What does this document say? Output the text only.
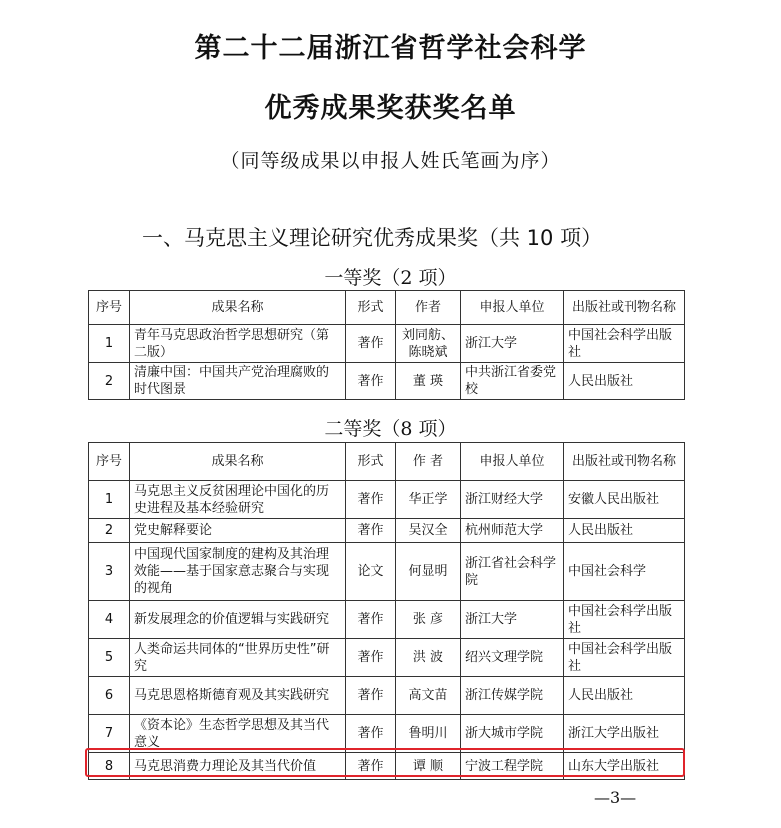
第二十二届浙江省哲学社会科学
优秀成果奖获奖名单
（同等级成果以申报人姓氏笔画为序）
一、马克思主义理论研究优秀成果奖（共 10 项）
一等奖（2 项）
序号	成果名称	形式	作者	申报人单位	出版社或刊物名称
1	青年马克思政治哲学思想研究（第二版）	著作	刘同舫、陈晓斌	浙江大学	中国社会科学出版社
2	清廉中国：中国共产党治理腐败的时代图景	著作	董 瑛	中共浙江省委党校	人民出版社
二等奖（8 项）
序号	成果名称	形式	作 者	申报人单位	出版社或刊物名称
1	马克思主义反贫困理论中国化的历史进程及基本经验研究	著作	华正学	浙江财经大学	安徽人民出版社
2	党史解释要论	著作	吴汉全	杭州师范大学	人民出版社
3	中国现代国家制度的建构及其治理效能——基于国家意志聚合与实现的视角	论文	何显明	浙江省社会科学院	中国社会科学
4	新发展理念的价值逻辑与实践研究	著作	张 彦	浙江大学	中国社会科学出版社
5	人类命运共同体的“世界历史性”研究	著作	洪 波	绍兴文理学院	中国社会科学出版社
6	马克思恩格斯德育观及其实践研究	著作	高文苗	浙江传媒学院	人民出版社
7	《资本论》生态哲学思想及其当代意义	著作	鲁明川	浙大城市学院	浙江大学出版社
8	马克思消费力理论及其当代价值	著作	谭 顺	宁波工程学院	山东大学出版社
—3—
